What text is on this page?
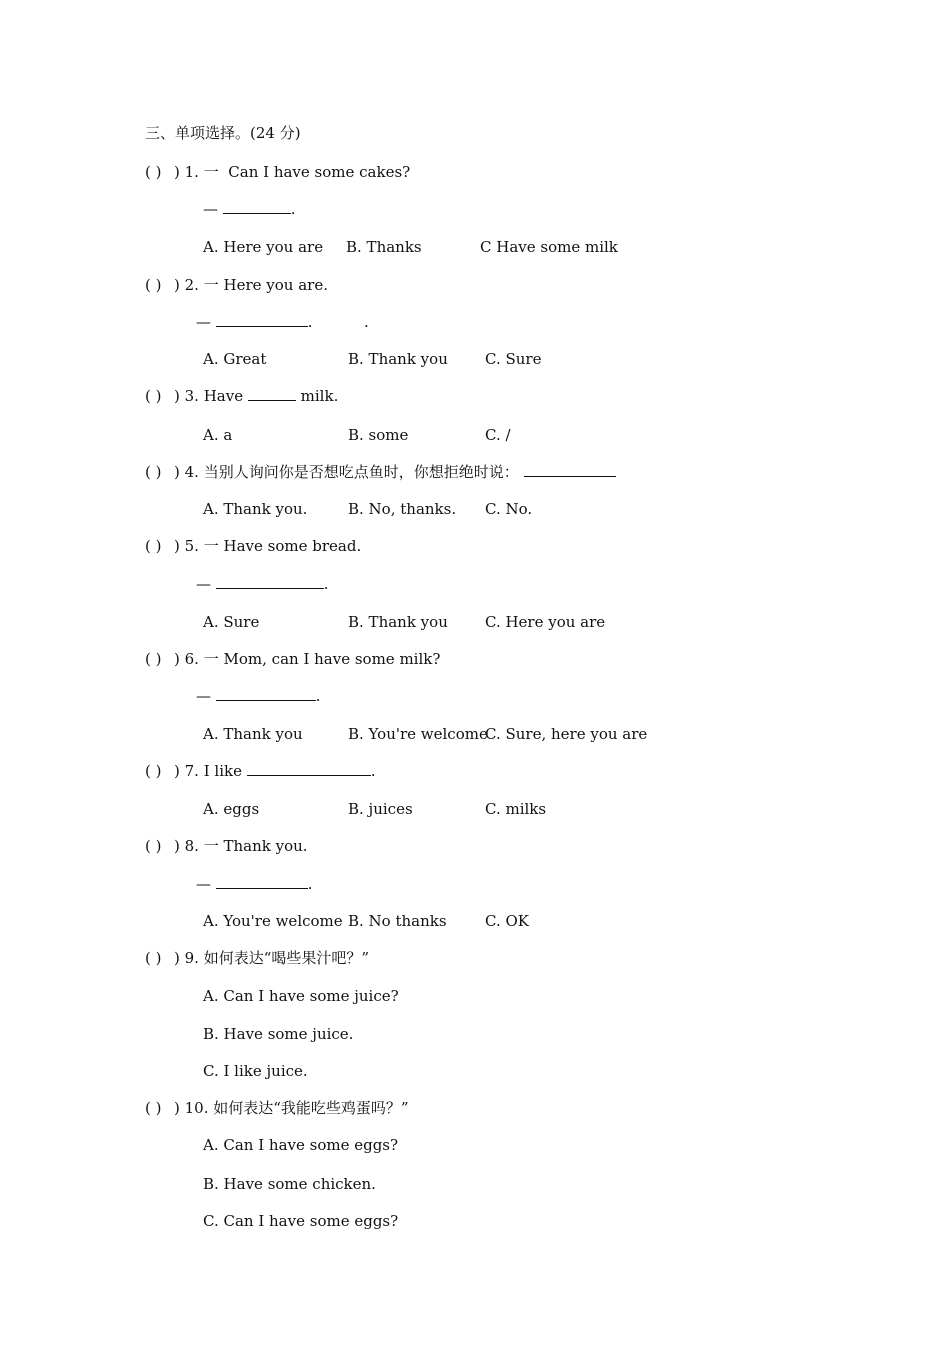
三、单项选择。(24 分)
( ) ) 1. 一 Can I have some cakes?
—	.
A. Here you are B. Thanks	C Have some milk
( ) ) 2. 一 Here you are.
—	.	.
A. Great	B. Thank you C. Sure
( ) ) 3. Have	milk.
A. a	B. some	C. /
( ) ) 4. 当别人询问你是否想吃点鱼时，你想拒绝时说：
A. Thank you.	B. No, thanks. C. No.
( ) ) 5. 一 Have some bread.
—	.
A. Sure	B. Thank you C. Here you are
( ) ) 6. 一 Mom, can I have some milk?
—	.
A. Thank you	B. You're welcome
C. Sure, here you are
( ) ) 7. I like	.
A. eggs	B. juices	C. milks
( ) ) 8. 一 Thank you.
—	.
A. You're welcome B. No thanks	C. OK
( ) ) 9. 如何表达“喝些果汁吧？”
A. Can I have some juice?
B. Have some juice.
C. I like juice.
( ) ) 10. 如何表达“我能吃些鸡蛋吗？”
A. Can I have some eggs?
B. Have some chicken.
C. Can I have some eggs?
